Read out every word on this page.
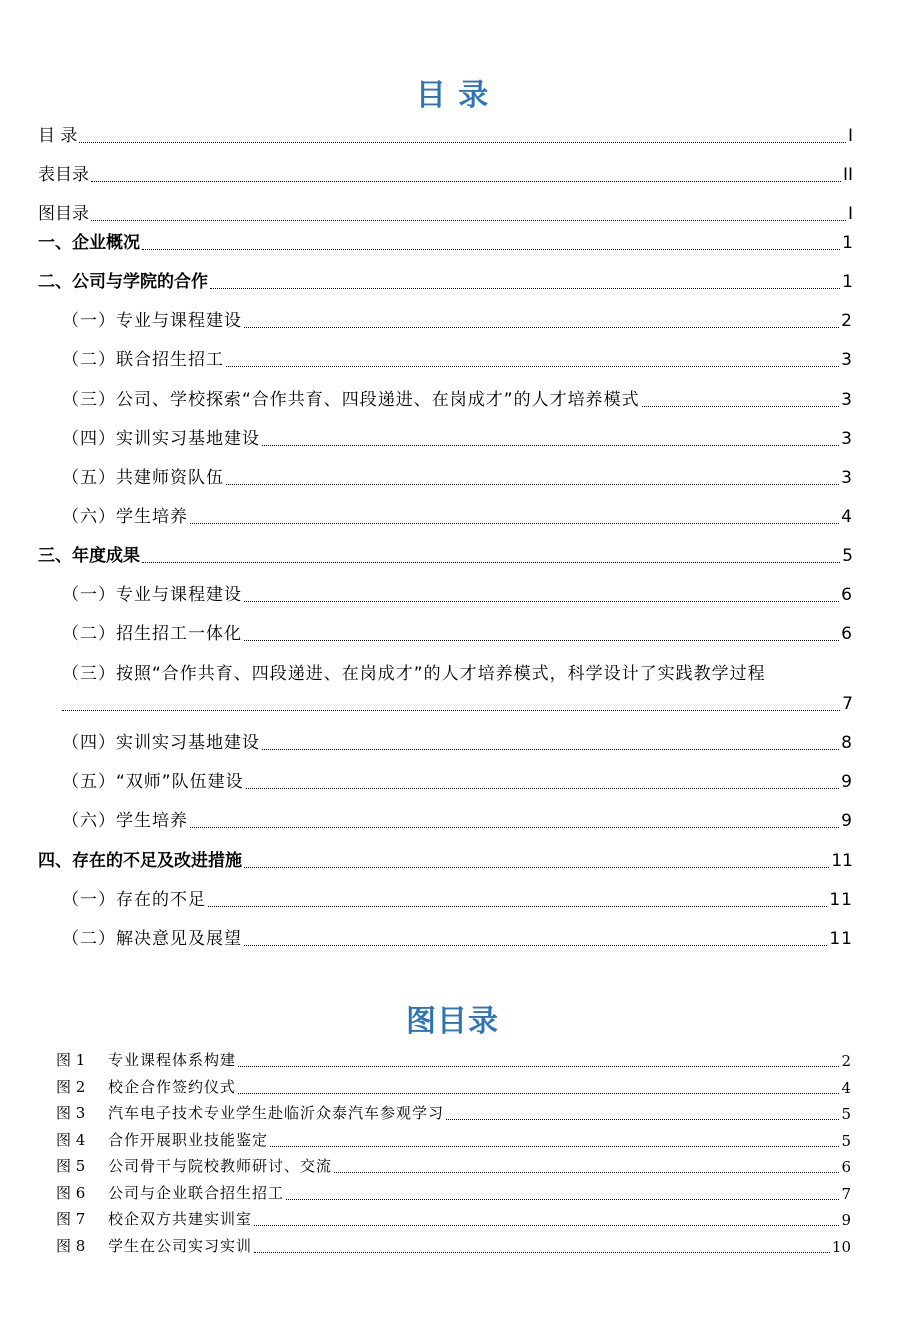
目 录
目 录	I
表目录	II
图目录	I
一、企业概况	1
二、公司与学院的合作	1
（一）专业与课程建设	2
（二）联合招生招工	3
（三）公司、学校探索“合作共育、四段递进、在岗成才”的人才培养模式	3
（四）实训实习基地建设	3
（五）共建师资队伍	3
（六）学生培养	4
三、年度成果	5
（一）专业与课程建设	6
（二）招生招工一体化	6
（三）按照“合作共育、四段递进、在岗成才”的人才培养模式，科学设计了实践教学过程
7
（四）实训实习基地建设	8
（五）“双师”队伍建设	9
（六）学生培养	9
四、存在的不足及改进措施	11
（一）存在的不足	11
（二）解决意见及展望	11
图目录
图 1	专业课程体系构建	2
图 2	校企合作签约仪式	4
图 3	汽车电子技术专业学生赴临沂众泰汽车参观学习	5
图 4	合作开展职业技能鉴定	5
图 5	公司骨干与院校教师研讨、交流	6
图 6	公司与企业联合招生招工	7
图 7	校企双方共建实训室	9
图 8	学生在公司实习实训	10
